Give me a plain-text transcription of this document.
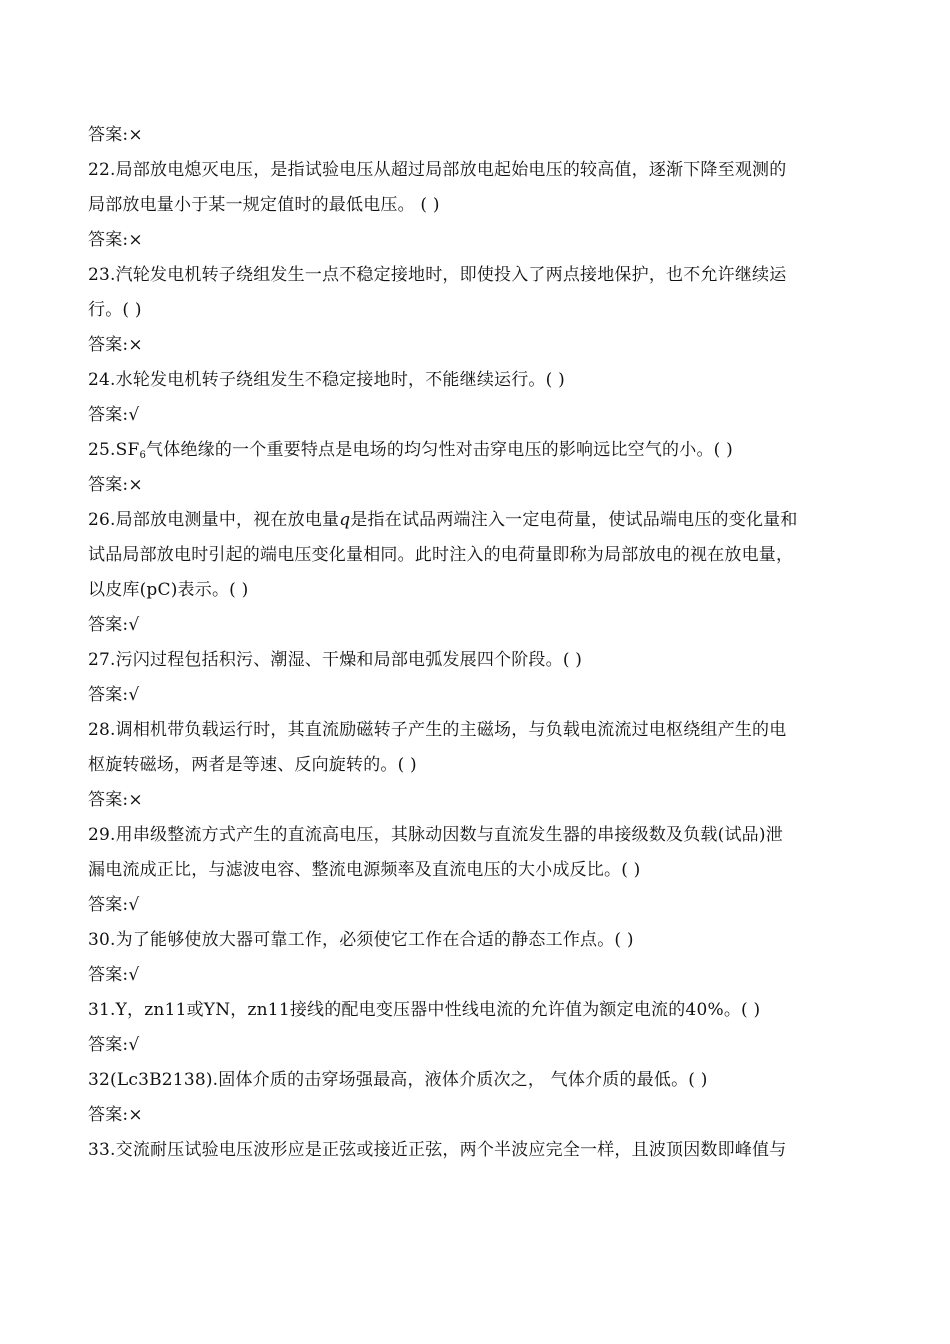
答案:×
22.局部放电熄灭电压，是指试验电压从超过局部放电起始电压的较高值，逐渐下降至观测的
局部放电量小于某一规定值时的最低电压。 ( )
答案:×
23.汽轮发电机转子绕组发生一点不稳定接地时，即使投入了两点接地保护，也不允许继续运
行。( )
答案:×
24.水轮发电机转子绕组发生不稳定接地时，不能继续运行。( )
答案:√
$25.SF_6$气体绝缘的一个重要特点是电场的均匀性对击穿电压的影响远比空气的小。( )
答案:×
26.局部放电测量中，视在放电量q是指在试品两端注入一定电荷量，使试品端电压的变化量和
试品局部放电时引起的端电压变化量相同。此时注入的电荷量即称为局部放电的视在放电量，
以皮库(pC)表示。( )
答案:√
27.污闪过程包括积污、潮湿、干燥和局部电弧发展四个阶段。( )
答案:√
28.调相机带负载运行时，其直流励磁转子产生的主磁场，与负载电流流过电枢绕组产生的电
枢旋转磁场，两者是等速、反向旋转的。( )
答案:×
29.用串级整流方式产生的直流高电压，其脉动因数与直流发生器的串接级数及负载(试品)泄
漏电流成正比，与滤波电容、整流电源频率及直流电压的大小成反比。( )
答案:√
30.为了能够使放大器可靠工作，必须使它工作在合适的静态工作点。( )
答案:√
31.Y，zn11或YN，zn11接线的配电变压器中性线电流的允许值为额定电流的40%。( )
答案:√
32(Lc3B2138).固体介质的击穿场强最高，液体介质次之， 气体介质的最低。( )
答案:×
33.交流耐压试验电压波形应是正弦或接近正弦，两个半波应完全一样，且波顶因数即峰值与
